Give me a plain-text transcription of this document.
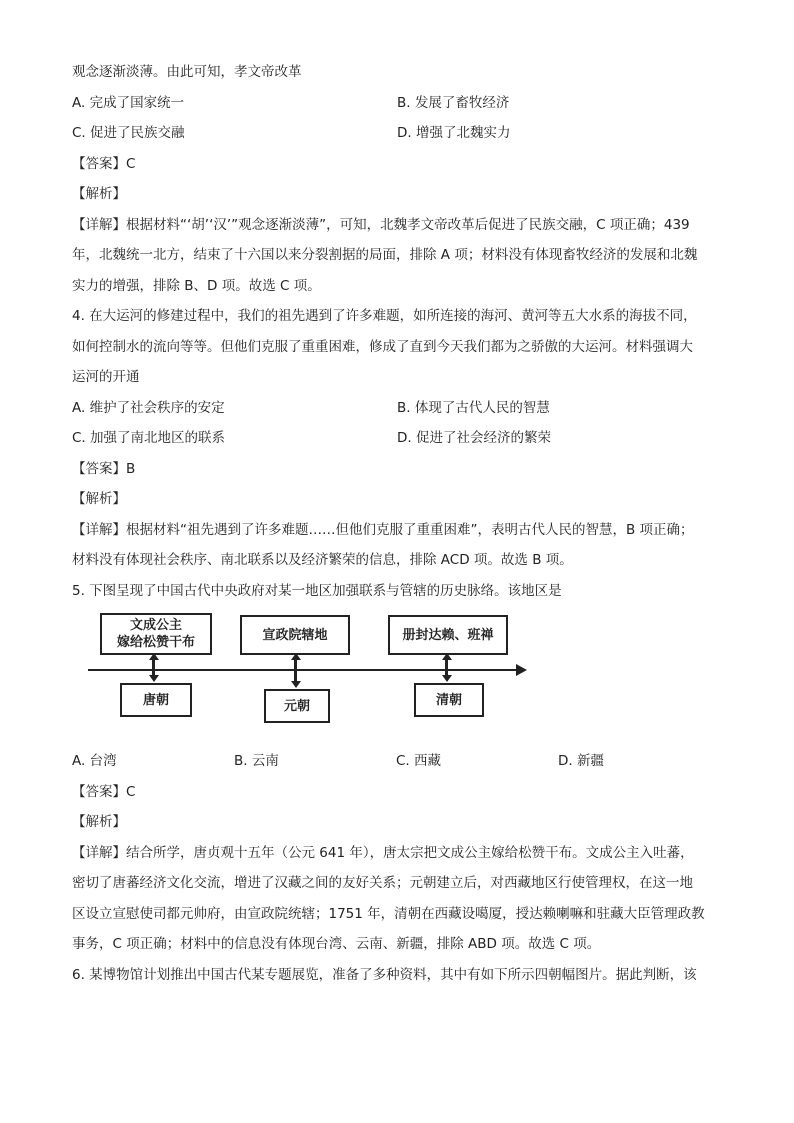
观念逐渐淡薄。由此可知，孝文帝改革
A. 完成了国家统一	B. 发展了畜牧经济
C. 促进了民族交融	D. 增强了北魏实力
【答案】C
【解析】
【详解】根据材料“‘胡’‘汉’”观念逐渐淡薄”，可知，北魏孝文帝改革后促进了民族交融，C 项正确；439
年，北魏统一北方，结束了十六国以来分裂割据的局面，排除 A 项；材料没有体现畜牧经济的发展和北魏
实力的增强，排除 B、D 项。故选 C 项。
4. 在大运河的修建过程中，我们的祖先遇到了许多难题，如所连接的海河、黄河等五大水系的海拔不同，
如何控制水的流向等等。但他们克服了重重困难，修成了直到今天我们都为之骄傲的大运河。材料强调大
运河的开通
A. 维护了社会秩序的安定	B. 体现了古代人民的智慧
C. 加强了南北地区的联系	D. 促进了社会经济的繁荣
【答案】B
【解析】
【详解】根据材料“祖先遇到了许多难题……但他们克服了重重困难”，表明古代人民的智慧，B 项正确；
材料没有体现社会秩序、南北联系以及经济繁荣的信息，排除 ACD 项。故选 B 项。
5. 下图呈现了中国古代中央政府对某一地区加强联系与管辖的历史脉络。该地区是
文成公主
嫁给松赞干布	宣政院辖地	册封达赖、班禅
唐朝	元朝	清朝
A. 台湾	B. 云南	C. 西藏	D. 新疆
【答案】C
【解析】
【详解】结合所学，唐贞观十五年（公元 641 年），唐太宗把文成公主嫁给松赞干布。文成公主入吐蕃，
密切了唐蕃经济文化交流，增进了汉藏之间的友好关系；元朝建立后，对西藏地区行使管理权，在这一地
区设立宣慰使司都元帅府，由宣政院统辖；1751 年，清朝在西藏设噶厦，授达赖喇嘛和驻藏大臣管理政教
事务，C 项正确；材料中的信息没有体现台湾、云南、新疆，排除 ABD 项。故选 C 项。
6. 某博物馆计划推出中国古代某专题展览，准备了多种资料，其中有如下所示四朝幅图片。据此判断，该
